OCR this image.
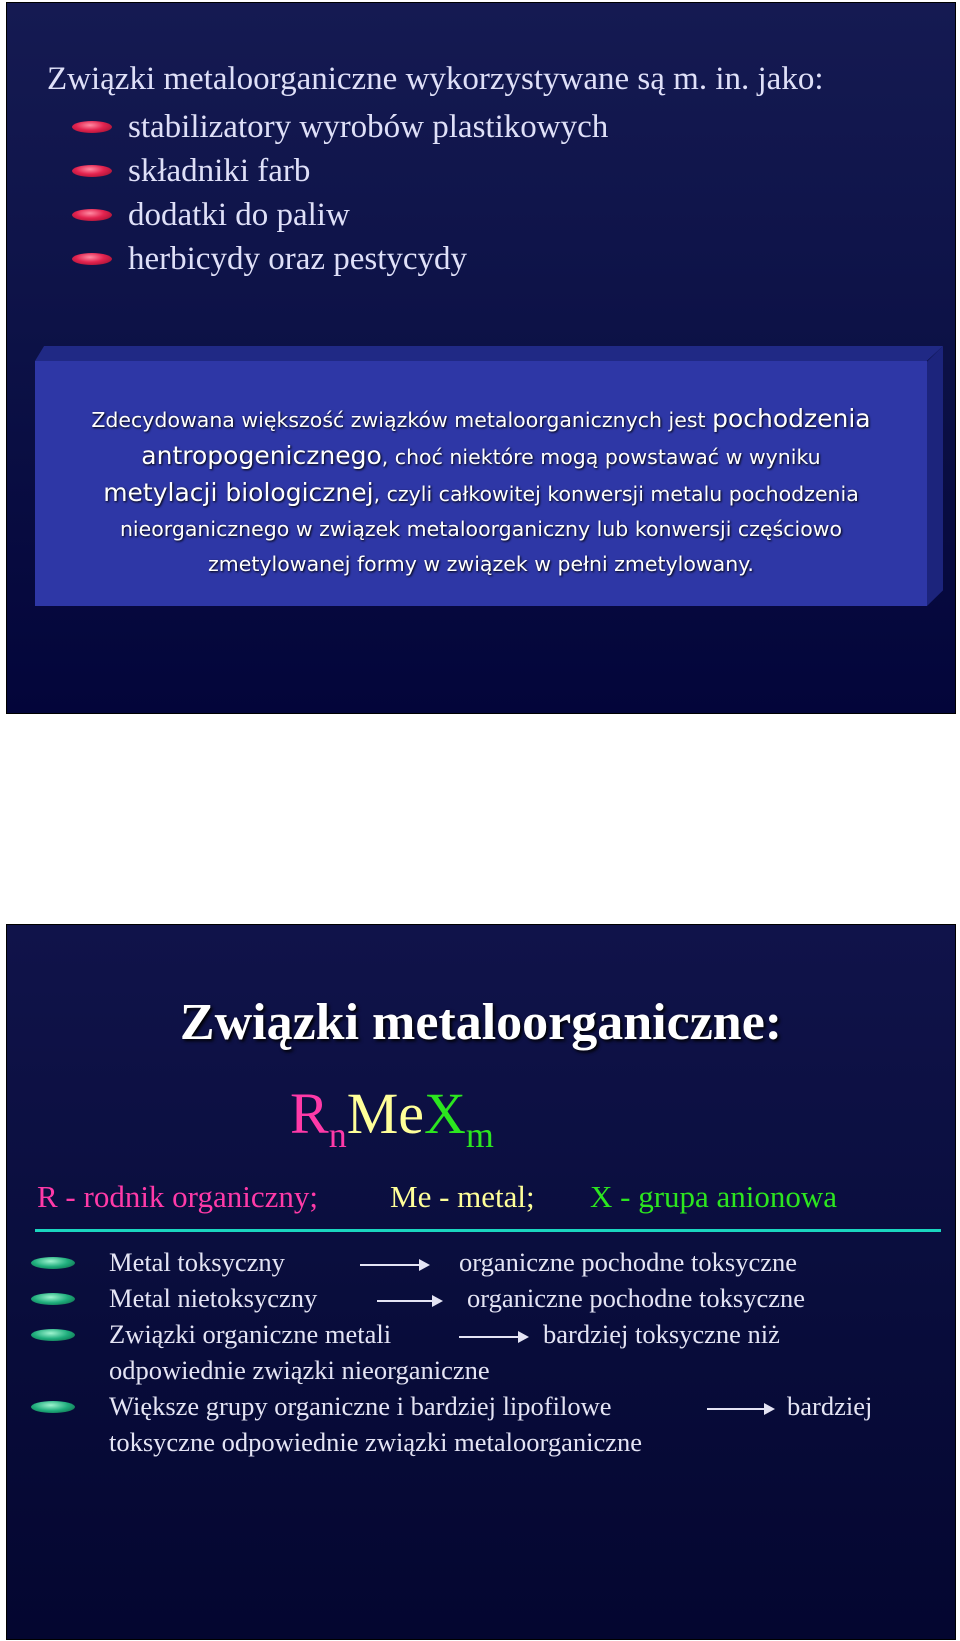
Związki metaloorganiczne wykorzystywane są m. in. jako:
stabilizatory wyrobów plastikowych
składniki farb
dodatki do paliw
herbicydy oraz pestycydy
Zdecydowana większość związków metaloorganicznych jest pochodzenia
antropogenicznego, choć niektóre mogą powstawać w wyniku
metylacji biologicznej, czyli całkowitej konwersji metalu pochodzenia
nieorganicznego w związek metaloorganiczny lub konwersji częściowo
zmetylowanej formy w związek w pełni zmetylowany.
Związki metaloorganiczne:
$R_nMeX_m$
R - rodnik organiczny; Me - metal; X - grupa anionowa
Metal toksyczny	organiczne pochodne toksyczne
Metal nietoksyczny	organiczne pochodne toksyczne
Związki organiczne metali	bardziej toksyczne niż
odpowiednie związki nieorganiczne
Większe grupy organiczne i bardziej lipofilowe	bardziej
toksyczne odpowiednie związki metaloorganiczne
